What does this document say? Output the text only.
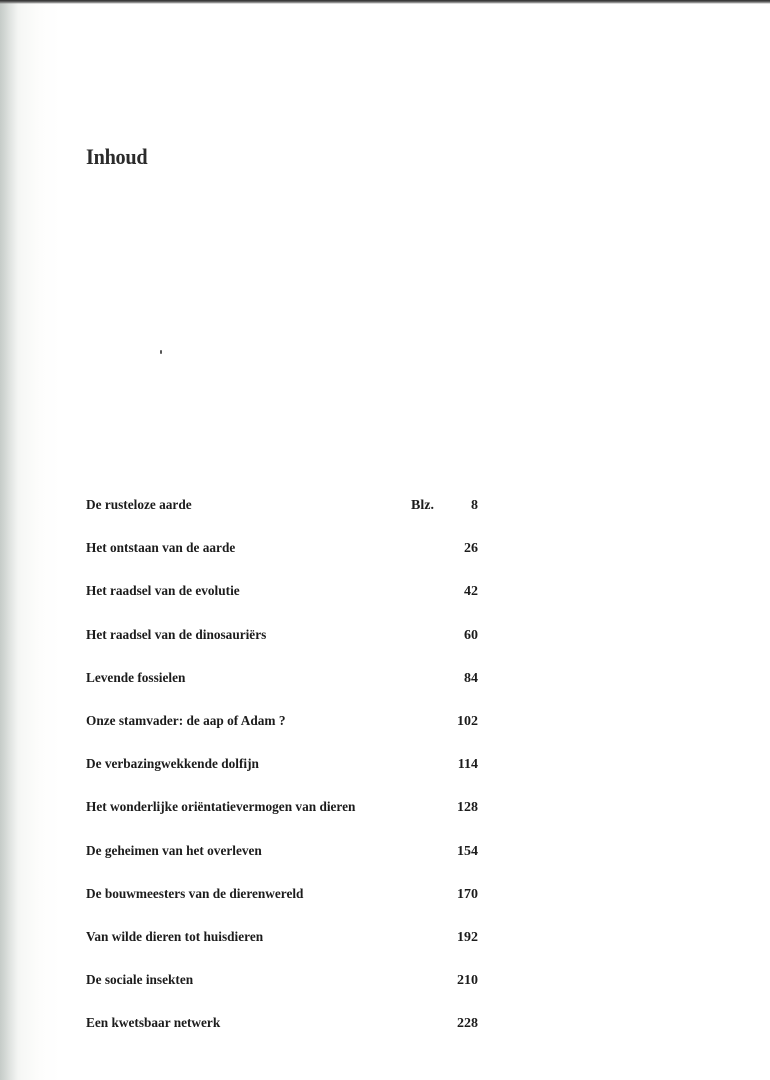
Inhoud
De rusteloze aarde	Blz.	8
Het ontstaan van de aarde	26
Het raadsel van de evolutie	42
Het raadsel van de dinosauriërs	60
Levende fossielen	84
Onze stamvader: de aap of Adam ?	102
De verbazingwekkende dolfijn	114
Het wonderlijke oriëntatievermogen van dieren	128
De geheimen van het overleven	154
De bouwmeesters van de dierenwereld	170
Van wilde dieren tot huisdieren	192
De sociale insekten	210
Een kwetsbaar netwerk	228
